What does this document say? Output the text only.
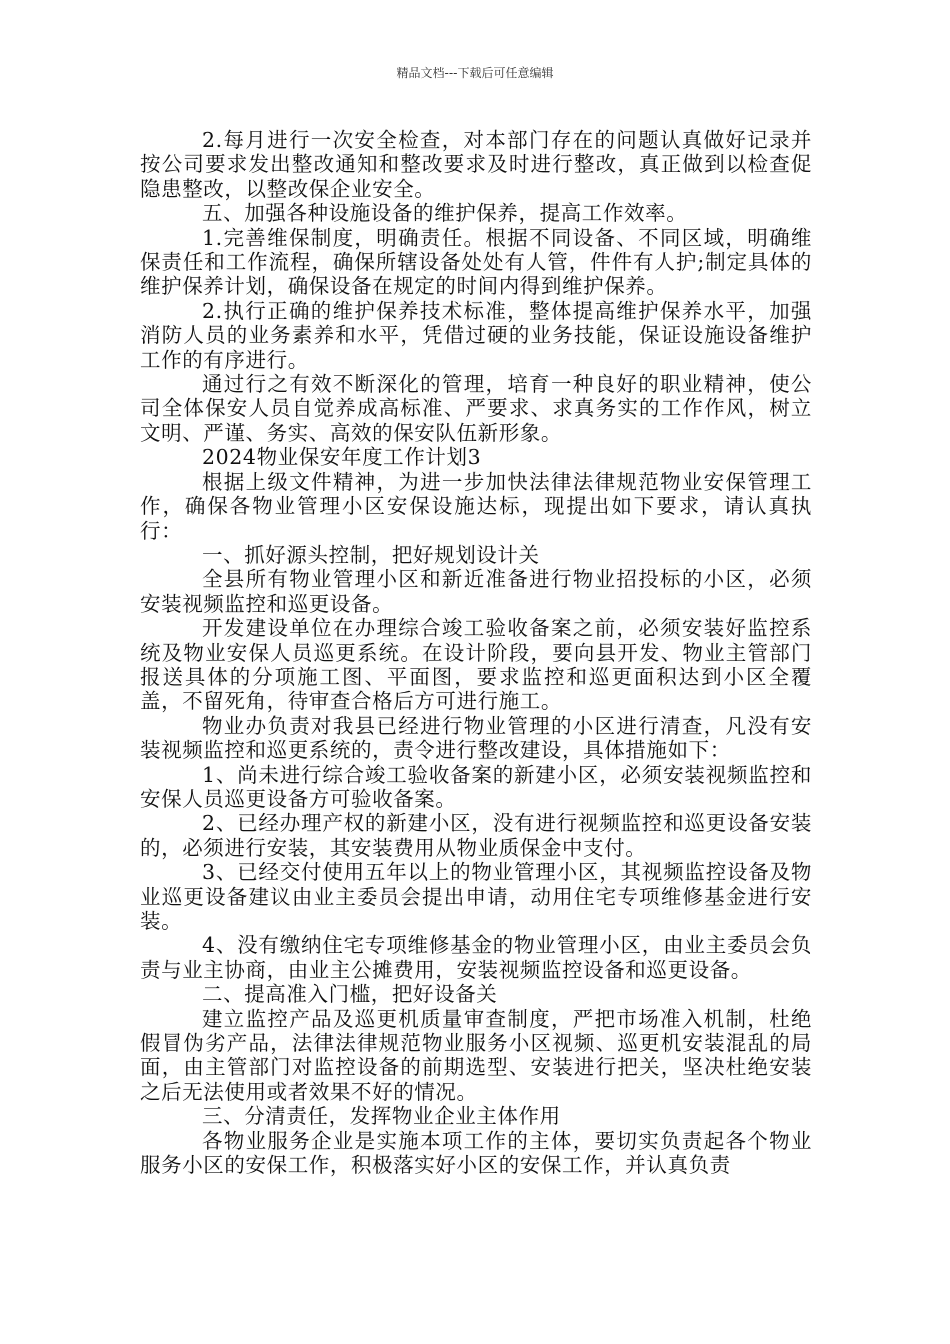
精品文档---下载后可任意编辑

2.每月进行一次安全检查，对本部门存在的问题认真做好记录并按公司要求发出整改通知和整改要求及时进行整改，真正做到以检查促隐患整改，以整改保企业安全。

五、加强各种设施设备的维护保养，提高工作效率。

1.完善维保制度，明确责任。根据不同设备、不同区域，明确维保责任和工作流程，确保所辖设备处处有人管，件件有人护;制定具体的维护保养计划，确保设备在规定的时间内得到维护保养。

2.执行正确的维护保养技术标准，整体提高维护保养水平，加强消防人员的业务素养和水平，凭借过硬的业务技能，保证设施设备维护工作的有序进行。

通过行之有效不断深化的管理，培育一种良好的职业精神，使公司全体保安人员自觉养成高标准、严要求、求真务实的工作作风，树立文明、严谨、务实、高效的保安队伍新形象。

2024物业保安年度工作计划3

根据上级文件精神，为进一步加快法律法律规范物业安保管理工作，确保各物业管理小区安保设施达标，现提出如下要求，请认真执行：

一、抓好源头控制，把好规划设计关

全县所有物业管理小区和新近准备进行物业招投标的小区，必须安装视频监控和巡更设备。

开发建设单位在办理综合竣工验收备案之前，必须安装好监控系统及物业安保人员巡更系统。在设计阶段，要向县开发、物业主管部门报送具体的分项施工图、平面图，要求监控和巡更面积达到小区全覆盖，不留死角，待审查合格后方可进行施工。

物业办负责对我县已经进行物业管理的小区进行清查，凡没有安装视频监控和巡更系统的，责令进行整改建设，具体措施如下：

1、尚未进行综合竣工验收备案的新建小区，必须安装视频监控和安保人员巡更设备方可验收备案。

2、已经办理产权的新建小区，没有进行视频监控和巡更设备安装的，必须进行安装，其安装费用从物业质保金中支付。

3、已经交付使用五年以上的物业管理小区，其视频监控设备及物业巡更设备建议由业主委员会提出申请，动用住宅专项维修基金进行安装。

4、没有缴纳住宅专项维修基金的物业管理小区，由业主委员会负责与业主协商，由业主公摊费用，安装视频监控设备和巡更设备。

二、提高准入门槛，把好设备关

建立监控产品及巡更机质量审查制度，严把市场准入机制，杜绝假冒伪劣产品，法律法律规范物业服务小区视频、巡更机安装混乱的局面，由主管部门对监控设备的前期选型、安装进行把关，坚决杜绝安装之后无法使用或者效果不好的情况。

三、分清责任，发挥物业企业主体作用

各物业服务企业是实施本项工作的主体，要切实负责起各个物业服务小区的安保工作，积极落实好小区的安保工作，并认真负责
